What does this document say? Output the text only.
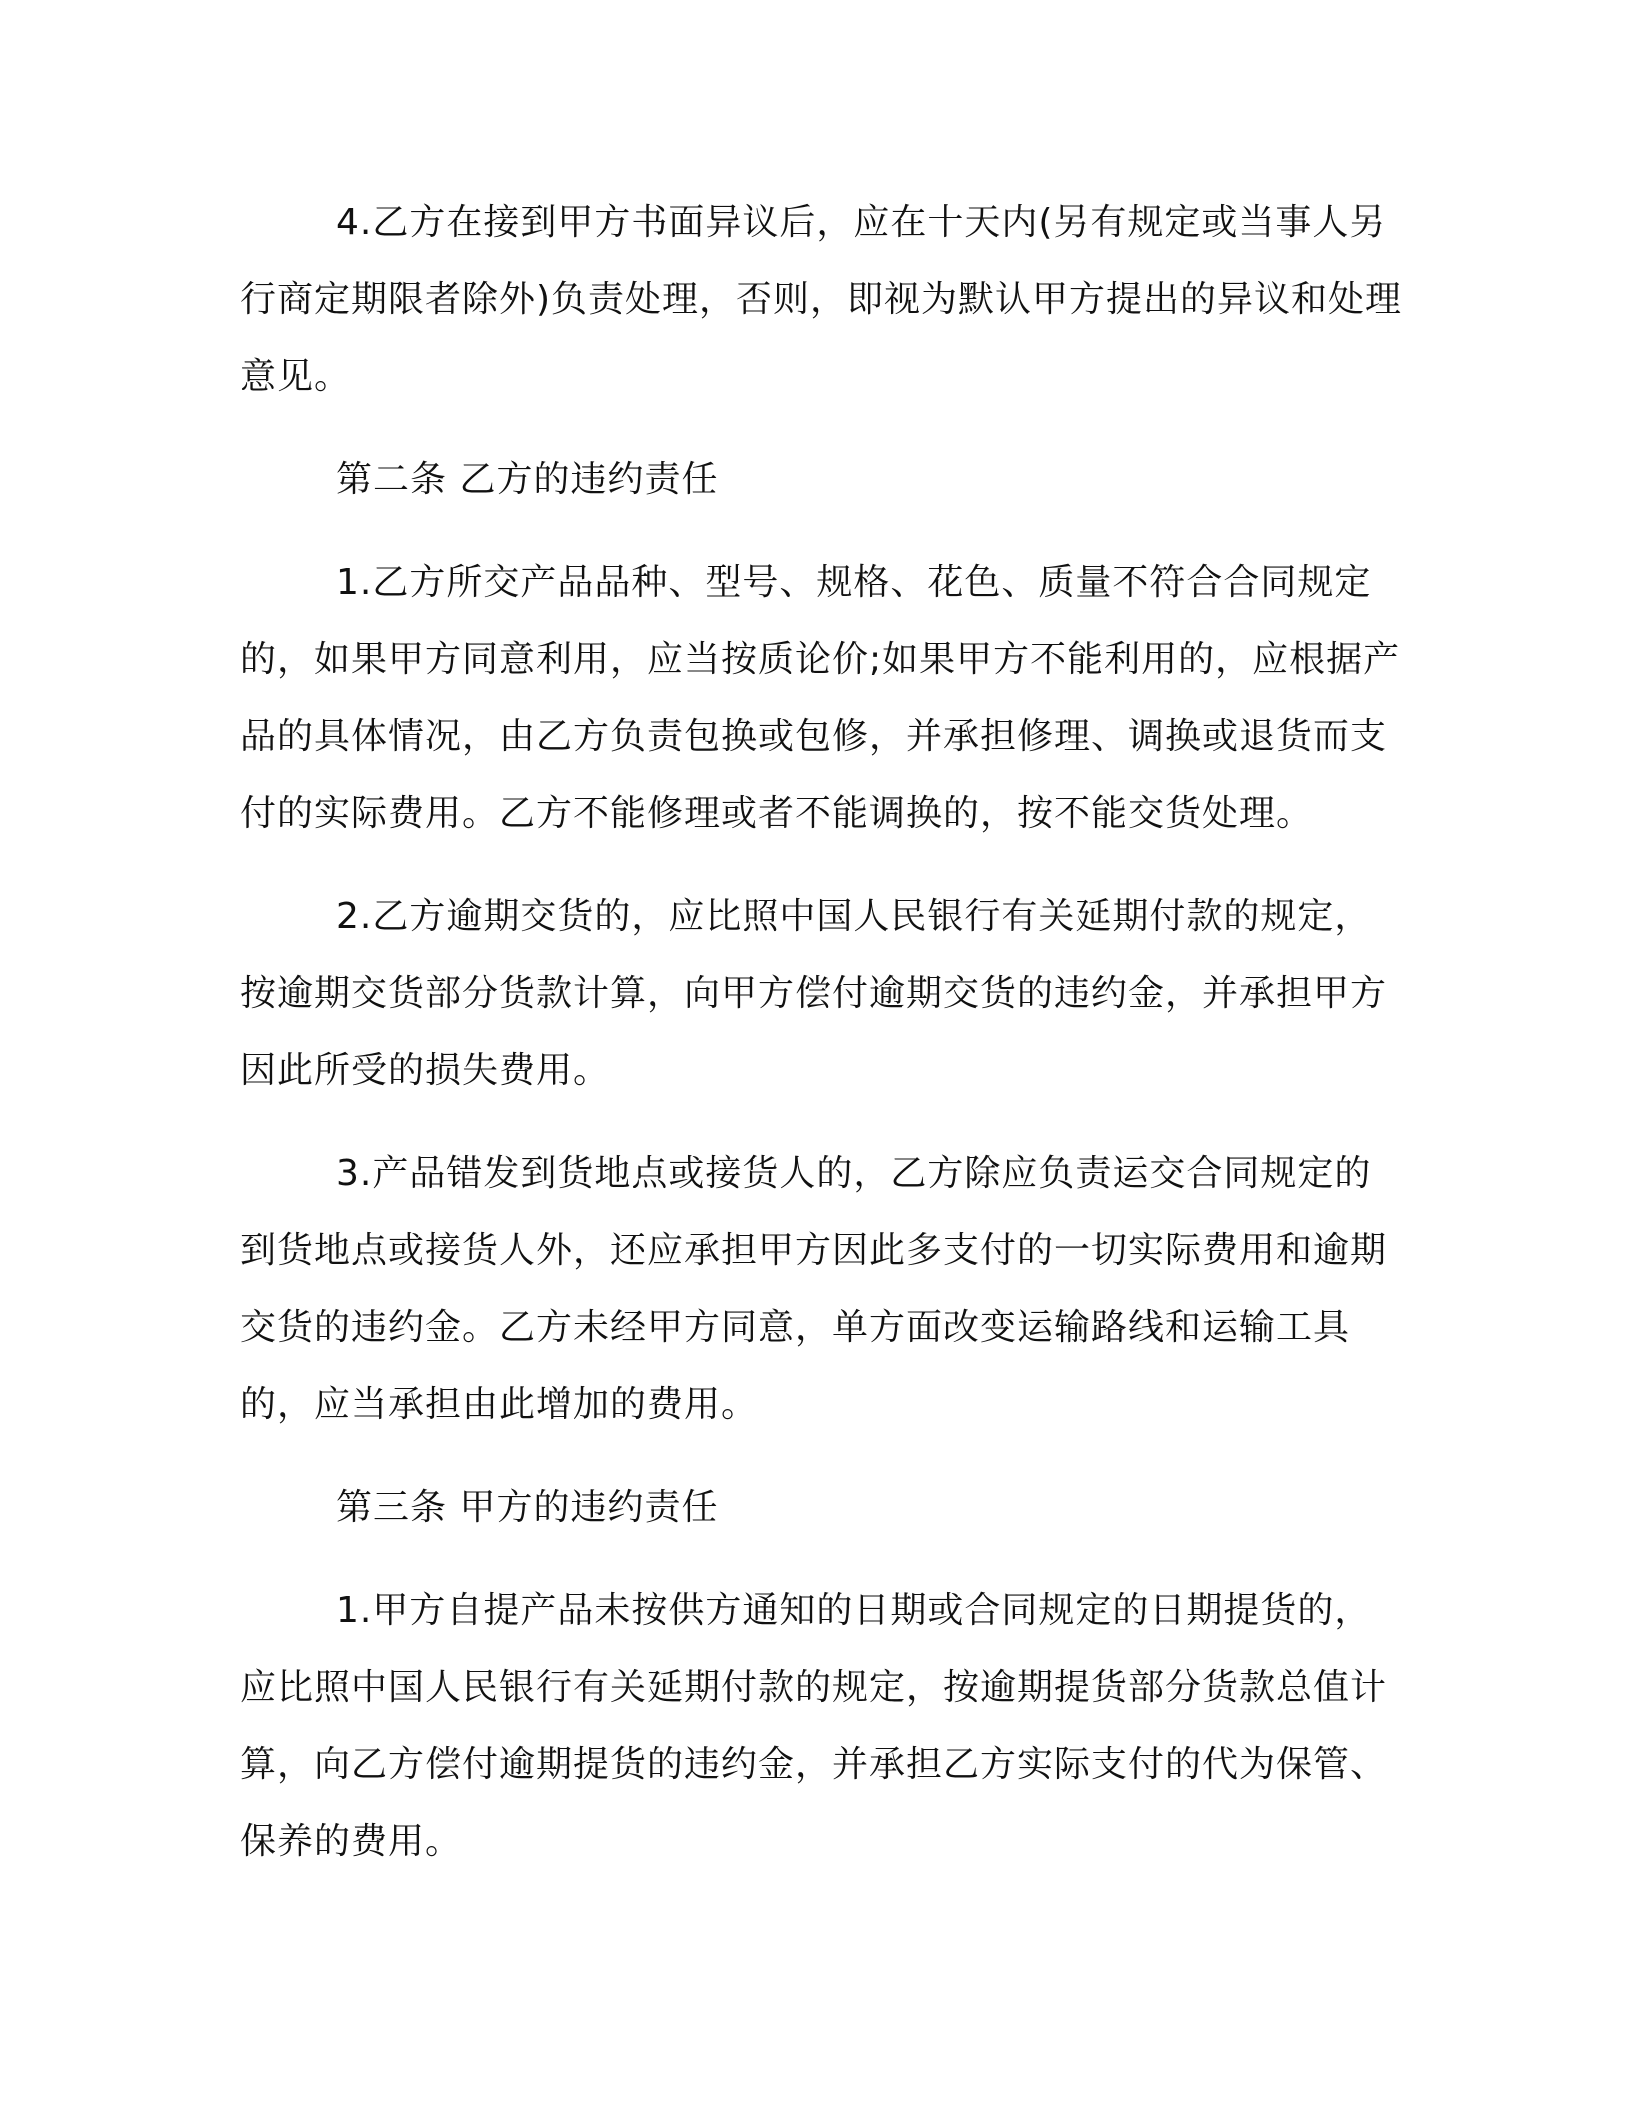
4.乙方在接到甲方书面异议后，应在十天内(另有规定或当事人另行商定期限者除外)负责处理，否则，即视为默认甲方提出的异议和处理意见。

第二条 乙方的违约责任

1.乙方所交产品品种、型号、规格、花色、质量不符合合同规定的，如果甲方同意利用，应当按质论价;如果甲方不能利用的，应根据产品的具体情况，由乙方负责包换或包修，并承担修理、调换或退货而支付的实际费用。乙方不能修理或者不能调换的，按不能交货处理。

2.乙方逾期交货的，应比照中国人民银行有关延期付款的规定，按逾期交货部分货款计算，向甲方偿付逾期交货的违约金，并承担甲方因此所受的损失费用。

3.产品错发到货地点或接货人的，乙方除应负责运交合同规定的到货地点或接货人外，还应承担甲方因此多支付的一切实际费用和逾期交货的违约金。乙方未经甲方同意，单方面改变运输路线和运输工具的，应当承担由此增加的费用。

第三条 甲方的违约责任

1.甲方自提产品未按供方通知的日期或合同规定的日期提货的，应比照中国人民银行有关延期付款的规定，按逾期提货部分货款总值计算，向乙方偿付逾期提货的违约金，并承担乙方实际支付的代为保管、保养的费用。
